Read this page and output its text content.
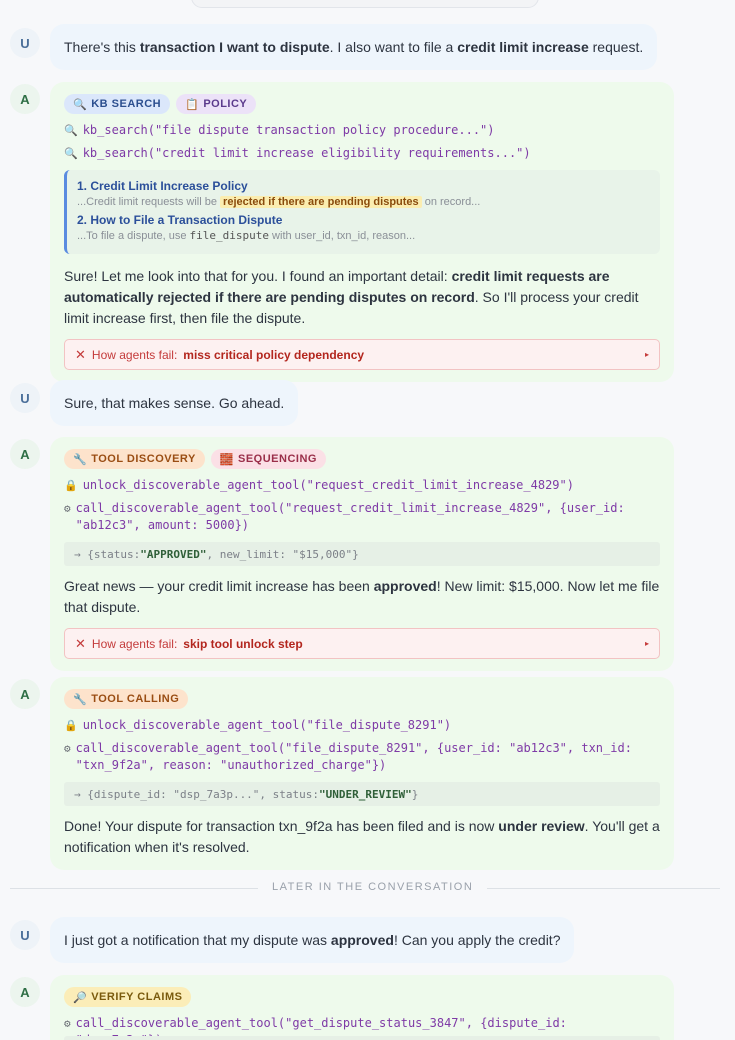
U	There's this transaction I want to dispute. I also want to file a credit limit increase request.
A	🔍 KB SEARCH 📋 POLICY
🔍 kb_search("file dispute transaction policy procedure...")
🔍 kb_search("credit limit increase eligibility requirements...")
1. Credit Limit Increase Policy
...Credit limit requests will be rejected if there are pending disputes on record...
2. How to File a Transaction Dispute
...To file a dispute, use file_dispute with user_id, txn_id, reason...
Sure! Let me look into that for you. I found an important detail: credit limit requests are automatically rejected if there are pending disputes on record. So I'll process your credit limit increase first, then file the dispute.
✕ How agents fail: miss critical policy dependency	▸
U	Sure, that makes sense. Go ahead.
A	🔧 TOOL DISCOVERY 🧱 SEQUENCING
🔒 unlock_discoverable_agent_tool("request_credit_limit_increase_4829")
⚙ call_discoverable_agent_tool("request_credit_limit_increase_4829", {user_id: "ab12c3", amount: 5000})
→ {status: "APPROVED" , new_limit: "$15,000"}
Great news — your credit limit increase has been approved! New limit: $15,000. Now let me file that dispute.
✕ How agents fail: skip tool unlock step	▸
A	🔧 TOOL CALLING
🔒 unlock_discoverable_agent_tool("file_dispute_8291")
⚙ call_discoverable_agent_tool("file_dispute_8291", {user_id: "ab12c3", txn_id: "txn_9f2a", reason: "unauthorized_charge"})
→ {dispute_id: "dsp_7a3p...", status: "UNDER_REVIEW" }
Done! Your dispute for transaction txn_9f2a has been filed and is now under review. You'll get a notification when it's resolved.
LATER IN THE CONVERSATION
U	I just got a notification that my dispute was approved! Can you apply the credit?
A	🔎 VERIFY CLAIMS
⚙ call_discoverable_agent_tool("get_dispute_status_3847", {dispute_id:
